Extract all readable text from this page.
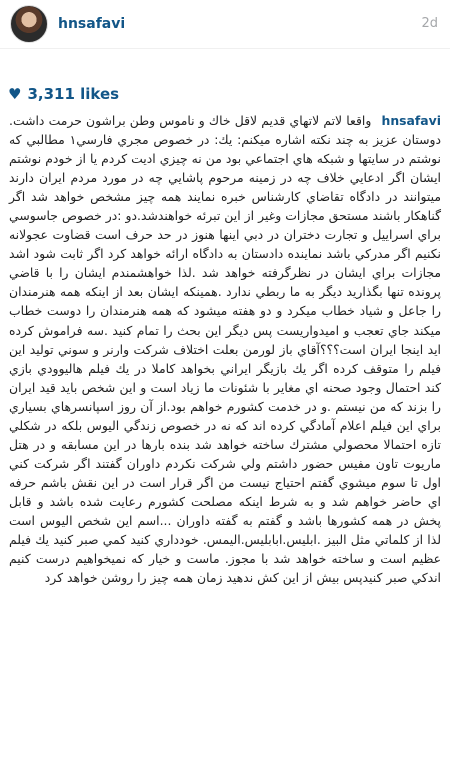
hnsafavi	2d
♥ 3,311 likes
hnsafavi واقعا لاتم لاتهاي قديم لاقل خاك و ناموس وطن براشون حرمت داشت. دوستان عزيز به چند نكته اشاره ميكنم: يك: در خصوص مجري فارسي١ مطالبي كه نوشتم در سايتها و شبكه هاي اجتماعي بود من نه چيزي اديت كردم يا از خودم نوشتم ايشان اگر ادعايي خلاف چه در زمينه مرحوم پاشايي چه در مورد مردم ايران دارند ميتوانند در دادگاه تقاضاي كارشناس خبره نمايند همه چيز مشخص خواهد شد اگر گناهكار باشند مستحق مجازات وغير از اين تبرئه خواهندشد.دو :در خصوص جاسوسي براي اسراييل و تجارت دختران در دبي اينها هنوز در حد حرف است قضاوت عجولانه نكنيم اگر مدركي باشد نماينده دادستان به دادگاه ارائه خواهد كرد اگر ثابت شود اشد مجازات براي ايشان در نظرگرفته خواهد شد .لذا خواهشمندم ايشان را با قاضي پرونده تنها بگذاريد ديگر به ما ربطي ندارد .همينكه ايشان بعد از اينكه همه هنرمندان را جاعل و شياد خطاب ميكرد و دو هفته ميشود كه همه هنرمندان را دوست خطاب ميكند جاي تعجب و اميدواريست پس ديگر اين بحث را تمام كنيد .سه فراموش كرده ايد اينجا ايران است؟؟؟آقاي باز لورمن بعلت اختلاف شركت وارنر و سوني توليد اين فيلم را متوقف كرده اگر يك بازيگر ايراني بخواهد كاملا در يك فيلم هاليوودي بازي كند احتمال وجود صحنه اي مغاير با شئونات ما زياد است و اين شخص بايد قيد ايران را بزند كه من نيستم .و در خدمت كشورم خواهم بود.از آن روز اسپانسرهاي بسياري براي اين فيلم اعلام آمادگي كرده اند كه نه در خصوص زندگي اليوس بلكه در شكلي تازه احتمالا محصولي مشترك ساخته خواهد شد بنده بارها در اين مسابقه و در هتل ماريوت تاون مفيس حضور داشتم ولي شركت نكردم داوران گفتند اگر شركت كني اول تا سوم ميشوي گفتم احتياج نيست من اگر قرار است در اين نقش باشم حرفه اي حاضر خواهم شد و به شرط اينكه مصلحت كشورم رعايت شده باشد و قابل پخش در همه كشورها باشد و گفتم به گفته داوران ...اسم اين شخص اليوس است لذا از كلماتي مثل البيز .ابليس.ابابليس.اليمس. خودداري كنيد كمي صبر كنيد يك فيلم عظيم است و ساخته خواهد شد با مجوز. ماست و خيار كه نميخواهيم درست كنيم اندكي صبر كنيدپس بيش از اين كش ندهيد زمان همه چيز را روشن خواهد كرد
